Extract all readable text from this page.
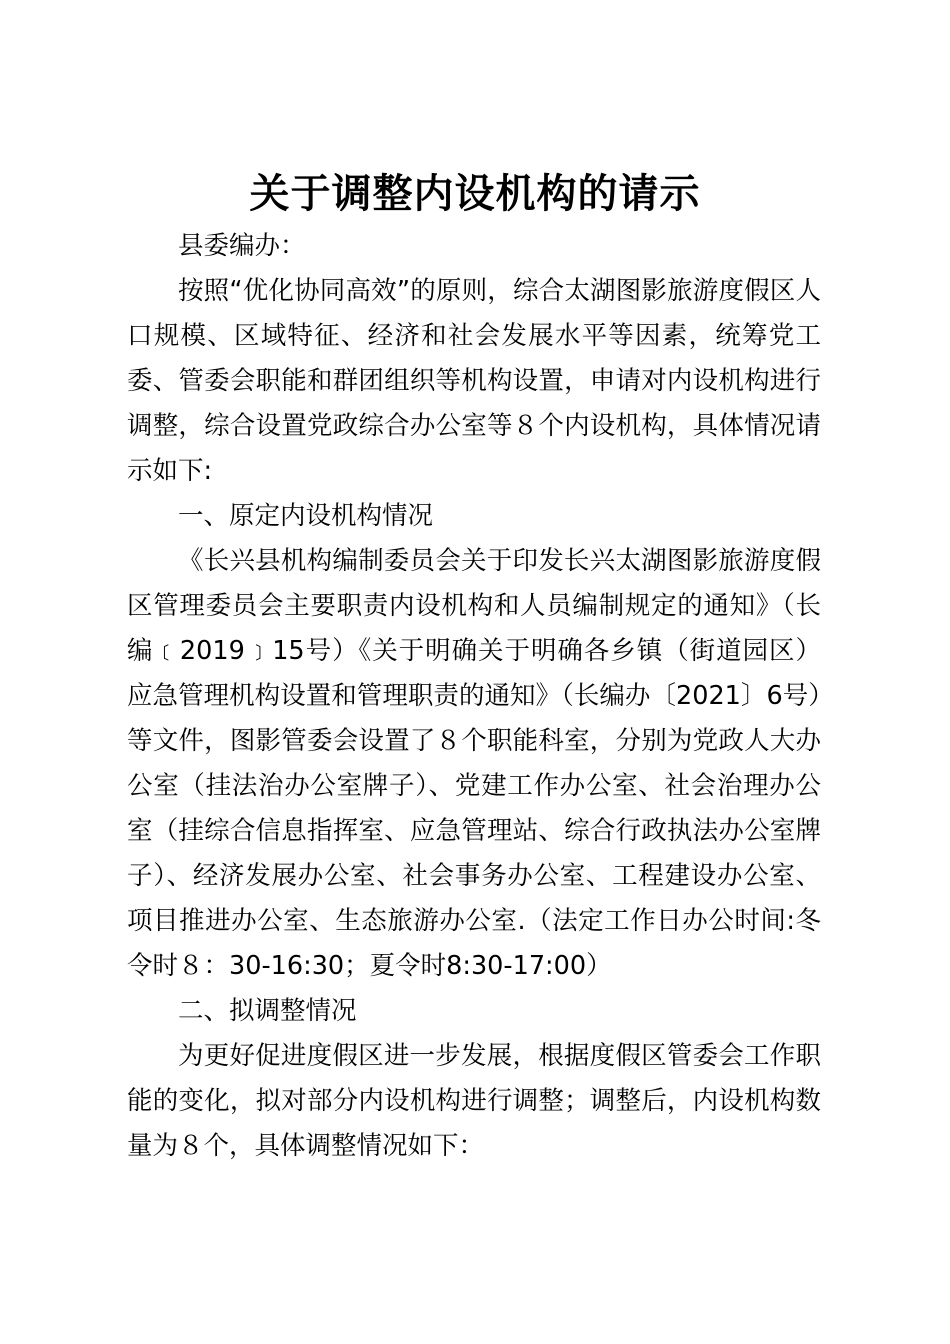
关于调整内设机构的请示

县委编办：

按照“优化协同高效”的原则，综合太湖图影旅游度假区人口规模、区域特征、经济和社会发展水平等因素，统筹党工委、管委会职能和群团组织等机构设置，申请对内设机构进行调整，综合设置党政综合办公室等８个内设机构，具体情况请示如下:

一、原定内设机构情况

《长兴县机构编制委员会关于印发长兴太湖图影旅游度假区管理委员会主要职责内设机构和人员编制规定的通知》（长编﹝2019﹞15号）《关于明确关于明确各乡镇（街道园区）应急管理机构设置和管理职责的通知》（长编办〔2021〕6号）等文件，图影管委会设置了８个职能科室，分别为党政人大办公室（挂法治办公室牌子）、党建工作办公室、社会治理办公室（挂综合信息指挥室、应急管理站、综合行政执法办公室牌子）、经济发展办公室、社会事务办公室、工程建设办公室、项目推进办公室、生态旅游办公室.（法定工作日办公时间:冬令时８：30-16:30；夏令时8:30-17:00）

二、拟调整情况

为更好促进度假区进一步发展，根据度假区管委会工作职能的变化，拟对部分内设机构进行调整；调整后，内设机构数量为８个，具体调整情况如下：
